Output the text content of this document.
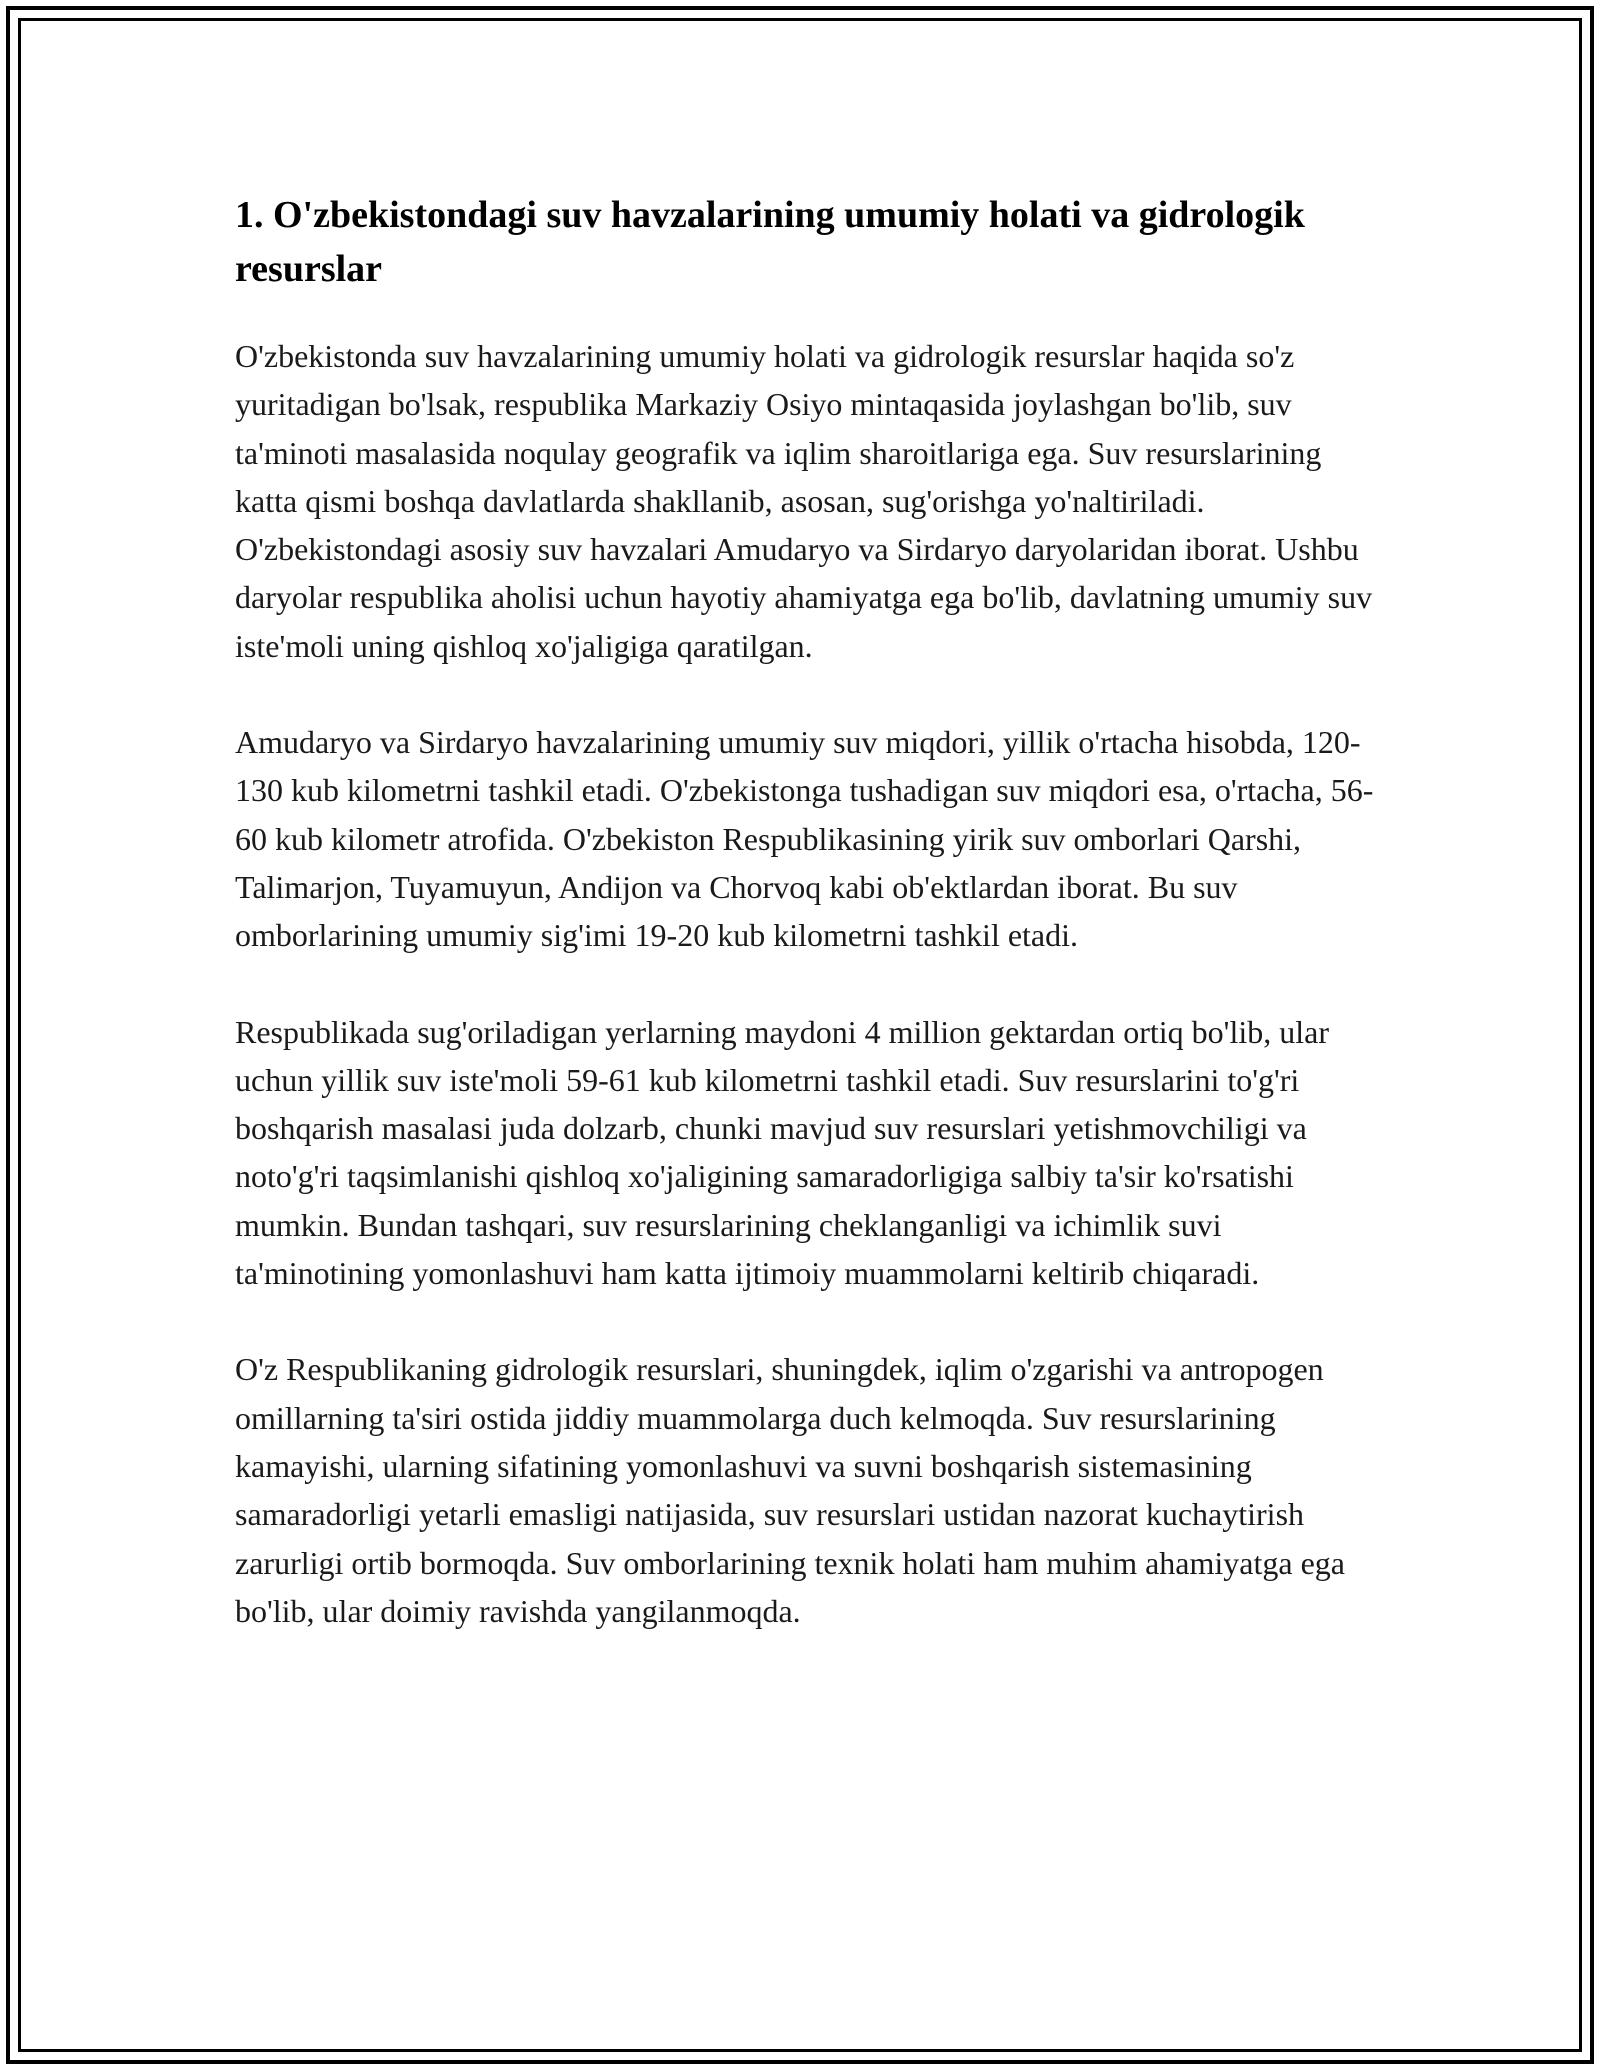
1. O'zbekistondagi suv havzalarining umumiy holati va gidrologik resurslar

O'zbekistonda suv havzalarining umumiy holati va gidrologik resurslar haqida so'z yuritadigan bo'lsak, respublika Markaziy Osiyo mintaqasida joylashgan bo'lib, suv ta'minoti masalasida noqulay geografik va iqlim sharoitlariga ega. Suv resurslarining katta qismi boshqa davlatlarda shakllanib, asosan, sug'orishga yo'naltiriladi. O'zbekistondagi asosiy suv havzalari Amudaryo va Sirdaryo daryolaridan iborat. Ushbu daryolar respublika aholisi uchun hayotiy ahamiyatga ega bo'lib, davlatning umumiy suv iste'moli uning qishloq xo'jaligiga qaratilgan.

Amudaryo va Sirdaryo havzalarining umumiy suv miqdori, yillik o'rtacha hisobda, 120-130 kub kilometrni tashkil etadi. O'zbekistonga tushadigan suv miqdori esa, o'rtacha, 56-60 kub kilometr atrofida. O'zbekiston Respublikasining yirik suv omborlari Qarshi, Talimarjon, Tuyamuyun, Andijon va Chorvoq kabi ob'ektlardan iborat. Bu suv omborlarining umumiy sig'imi 19-20 kub kilometrni tashkil etadi.

Respublikada sug'oriladigan yerlarning maydoni 4 million gektardan ortiq bo'lib, ular uchun yillik suv iste'moli 59-61 kub kilometrni tashkil etadi. Suv resurslarini to'g'ri boshqarish masalasi juda dolzarb, chunki mavjud suv resurslari yetishmovchiligi va noto'g'ri taqsimlanishi qishloq xo'jaligining samaradorligiga salbiy ta'sir ko'rsatishi mumkin. Bundan tashqari, suv resurslarining cheklanganligi va ichimlik suvi ta'minotining yomonlashuvi ham katta ijtimoiy muammolarni keltirib chiqaradi.

O'z Respublikaning gidrologik resurslari, shuningdek, iqlim o'zgarishi va antropogen omillarning ta'siri ostida jiddiy muammolarga duch kelmoqda. Suv resurslarining kamayishi, ularning sifatining yomonlashuvi va suvni boshqarish sistemasining samaradorligi yetarli emasligi natijasida, suv resurslari ustidan nazorat kuchaytirish zarurligi ortib bormoqda. Suv omborlarining texnik holati ham muhim ahamiyatga ega bo'lib, ular doimiy ravishda yangilanmoqda.
